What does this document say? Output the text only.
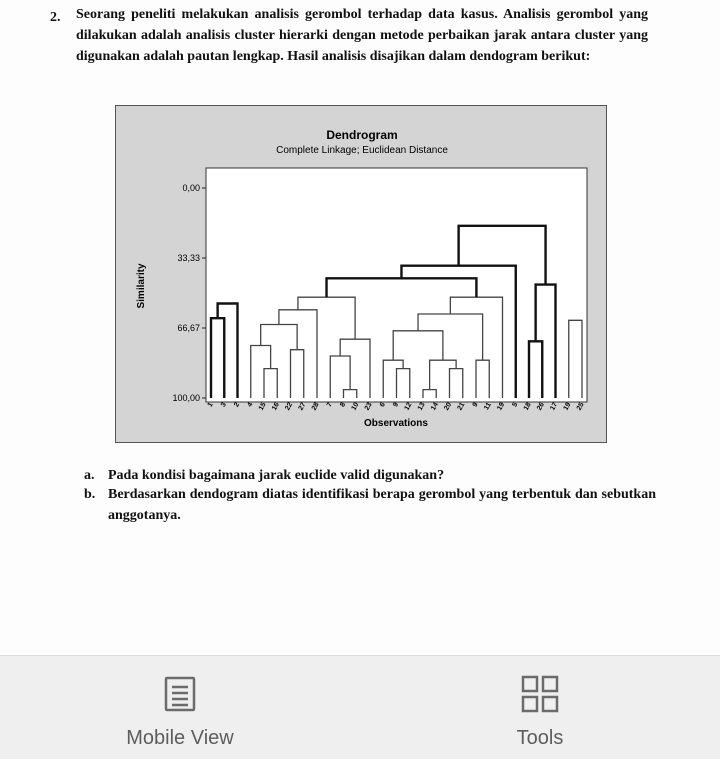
2. Seorang peneliti melakukan analisis gerombol terhadap data kasus. Analisis gerombol yang dilakukan adalah analisis cluster hierarki dengan metode perbaikan jarak antara cluster yang digunakan adalah pautan lengkap. Hasil analisis disajikan dalam dendogram berikut:
Dendrogram
Complete Linkage; Euclidean Distance
Similarity
Observations
0,00
33,33
66,67
100,00
1 3 2 4 15 16 22 27 28 7 8 10 23 6 9 12 13 14 20 21 9 11 19 5 18 26 17 19 25
a. Pada kondisi bagaimana jarak euclide valid digunakan?
b. Berdasarkan dendogram diatas identifikasi berapa gerombol yang terbentuk dan sebutkan anggotanya.
Mobile View	Tools
